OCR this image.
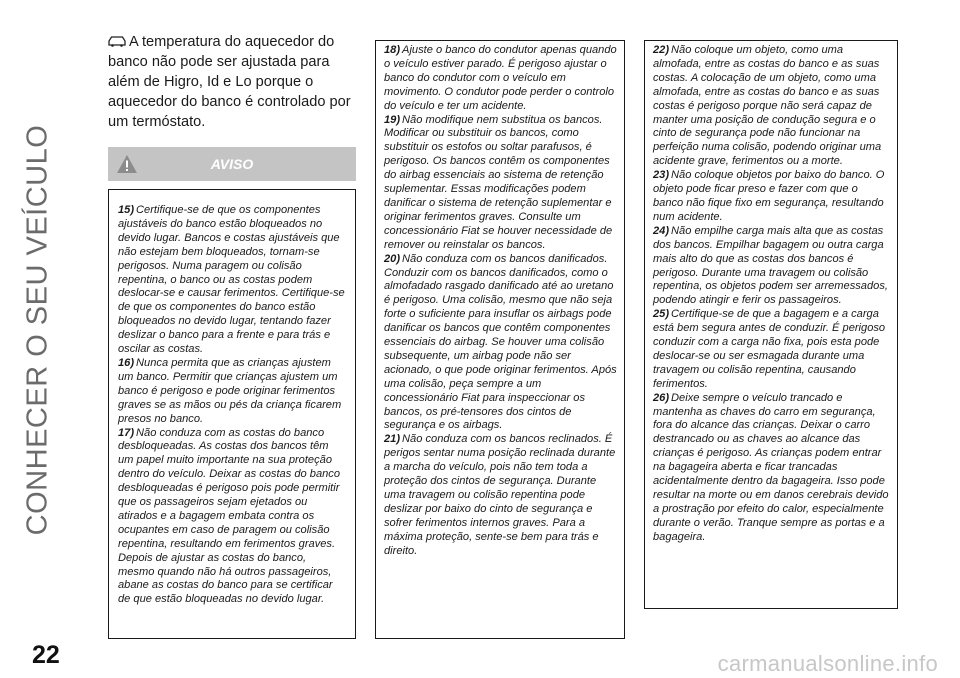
CONHECER O SEU VEÍCULO
22	carmanualsonline.info
A temperatura do aquecedor do banco não pode ser ajustada para além de Higro, Id e Lo porque o aquecedor do banco é controlado por um termóstato.
AVISO

15) Certifique-se de que os componentes ajustáveis do banco estão bloqueados no devido lugar. Bancos e costas ajustáveis que não estejam bem bloqueados, tornam-se perigosos. Numa paragem ou colisão repentina, o banco ou as costas podem deslocar-se e causar ferimentos. Certifique-se de que os componentes do banco estão bloqueados no devido lugar, tentando fazer deslizar o banco para a frente e para trás e oscilar as costas.

16) Nunca permita que as crianças ajustem um banco. Permitir que crianças ajustem um banco é perigoso e pode originar ferimentos graves se as mãos ou pés da criança ficarem presos no banco.

17) Não conduza com as costas do banco desbloqueadas. As costas dos bancos têm um papel muito importante na sua proteção dentro do veículo. Deixar as costas do banco desbloqueadas é perigoso pois pode permitir que os passageiros sejam ejetados ou atirados e a bagagem embata contra os ocupantes em caso de paragem ou colisão repentina, resultando em ferimentos graves. Depois de ajustar as costas do banco, mesmo quando não há outros passageiros, abane as costas do banco para se certificar de que estão bloqueadas no devido lugar.

18) Ajuste o banco do condutor apenas quando o veículo estiver parado. É perigoso ajustar o banco do condutor com o veículo em movimento. O condutor pode perder o controlo do veículo e ter um acidente.

19) Não modifique nem substitua os bancos. Modificar ou substituir os bancos, como substituir os estofos ou soltar parafusos, é perigoso. Os bancos contêm os componentes do airbag essenciais ao sistema de retenção suplementar. Essas modificações podem danificar o sistema de retenção suplementar e originar ferimentos graves. Consulte um concessionário Fiat se houver necessidade de remover ou reinstalar os bancos.

20) Não conduza com os bancos danificados. Conduzir com os bancos danificados, como o almofadado rasgado danificado até ao uretano é perigoso. Uma colisão, mesmo que não seja forte o suficiente para insuflar os airbags pode danificar os bancos que contêm componentes essenciais do airbag. Se houver uma colisão subsequente, um airbag pode não ser acionado, o que pode originar ferimentos. Após uma colisão, peça sempre a um concessionário Fiat para inspeccionar os bancos, os pré-tensores dos cintos de segurança e os airbags.

21) Não conduza com os bancos reclinados. É perigos sentar numa posição reclinada durante a marcha do veículo, pois não tem toda a proteção dos cintos de segurança. Durante uma travagem ou colisão repentina pode deslizar por baixo do cinto de segurança e sofrer ferimentos internos graves. Para a máxima proteção, sente-se bem para trás e direito.

22) Não coloque um objeto, como uma almofada, entre as costas do banco e as suas costas. A colocação de um objeto, como uma almofada, entre as costas do banco e as suas costas é perigoso porque não será capaz de manter uma posição de condução segura e o cinto de segurança pode não funcionar na perfeição numa colisão, podendo originar uma acidente grave, ferimentos ou a morte.

23) Não coloque objetos por baixo do banco. O objeto pode ficar preso e fazer com que o banco não fique fixo em segurança, resultando num acidente.

24) Não empilhe carga mais alta que as costas dos bancos. Empilhar bagagem ou outra carga mais alto do que as costas dos bancos é perigoso. Durante uma travagem ou colisão repentina, os objetos podem ser arremessados, podendo atingir e ferir os passageiros.

25) Certifique-se de que a bagagem e a carga está bem segura antes de conduzir. É perigoso conduzir com a carga não fixa, pois esta pode deslocar-se ou ser esmagada durante uma travagem ou colisão repentina, causando ferimentos.

26) Deixe sempre o veículo trancado e mantenha as chaves do carro em segurança, fora do alcance das crianças. Deixar o carro destrancado ou as chaves ao alcance das crianças é perigoso. As crianças podem entrar na bagageira aberta e ficar trancadas acidentalmente dentro da bagageira. Isso pode resultar na morte ou em danos cerebrais devido a prostração por efeito do calor, especialmente durante o verão. Tranque sempre as portas e a bagageira.
